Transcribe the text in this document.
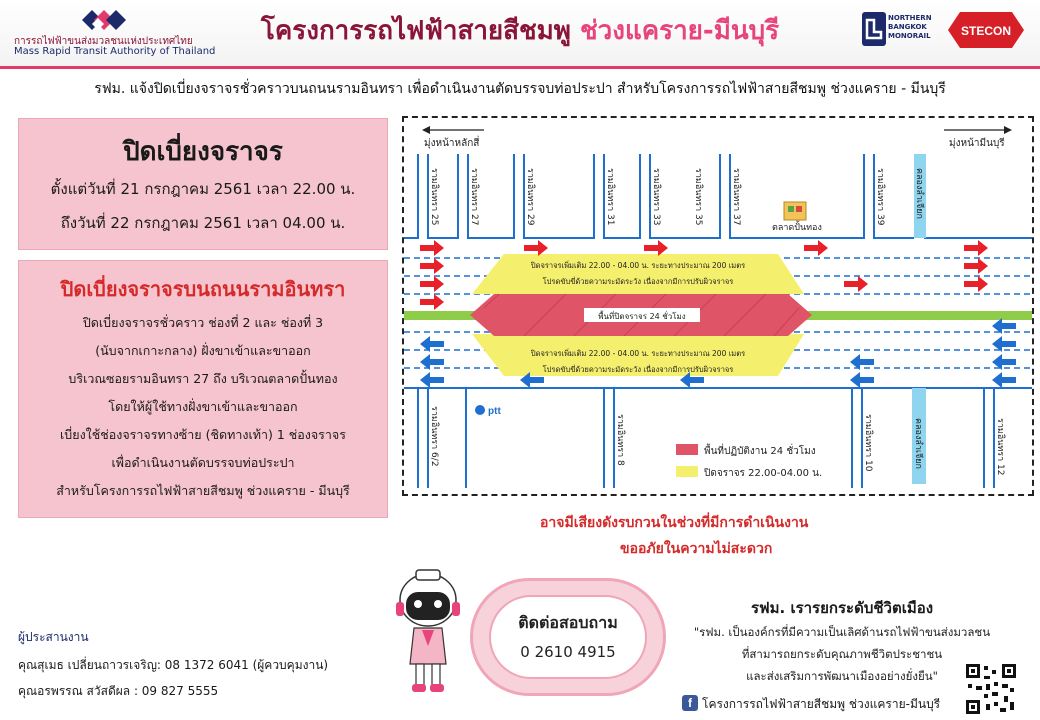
การรถไฟฟ้าขนส่งมวลชนแห่งประเทศไทย
Mass Rapid Transit Authority of Thailand
โครงการรถไฟฟ้าสายสีชมพู ช่วงแคราย-มีนบุรี	NORTHERN BANGKOK MONORAIL	STECON
รฟม. แจ้งปิดเบี่ยงจราจรชั่วคราวบนถนนรามอินทรา เพื่อดำเนินงานตัดบรรจบท่อประปา สำหรับโครงการรถไฟฟ้าสายสีชมพู ช่วงแคราย - มีนบุรี
ปิดเบี่ยงจราจร
ตั้งแต่วันที่ 21 กรกฎาคม 2561 เวลา 22.00 น.
ถึงวันที่ 22 กรกฎาคม 2561 เวลา 04.00 น.
ปิดเบี่ยงจราจรบนถนนรามอินทรา
ปิดเบี่ยงจราจรชั่วคราว ช่องที่ 2 และ ช่องที่ 3
(นับจากเกาะกลาง) ฝั่งขาเข้าและขาออก
บริเวณซอยรามอินทรา 27 ถึง บริเวณตลาดปั้นทอง
โดยให้ผู้ใช้ทางฝั่งขาเข้าและขาออก
เบี่ยงใช้ช่องจราจรทางซ้าย (ชิดทางเท้า) 1 ช่องจราจร
เพื่อดำเนินงานตัดบรรจบท่อประปา
สำหรับโครงการรถไฟฟ้าสายสีชมพู ช่วงแคราย - มีนบุรี
มุ่งหน้าหลักสี่	มุ่งหน้ามีนบุรี
รามอินทรา 25	รามอินทรา 27	รามอินทรา 29	รามอินทรา 31	รามอินทรา 33	รามอินทรา 35	รามอินทรา 37	รามอินทรา 39	คลองลำเจียก
ตลาดปั้นทอง
พื้นที่ปิดจราจร 24 ชั่วโมง
ปิดจราจรเพิ่มเติม 22.00 - 04.00 น. ระยะทางประมาณ 200 เมตร
โปรดขับขี่ด้วยความระมัดระวัง เนื่องจากมีการปรับผิวจราจร
ปิดจราจรเพิ่มเติม 22.00 - 04.00 น. ระยะทางประมาณ 200 เมตร
โปรดขับขี่ด้วยความระมัดระวัง เนื่องจากมีการปรับผิวจราจร
ptt
รามอินทรา 6/2	รามอินทรา 8	รามอินทรา 10	คลองลำเจียก	รามอินทรา 12
พื้นที่ปฏิบัติงาน 24 ชั่วโมง
ปิดจราจร 22.00-04.00 น.
อาจมีเสียงดังรบกวนในช่วงที่มีการดำเนินงาน
ขออภัยในความไม่สะดวก
ผู้ประสานงาน
คุณสุเมธ เปลี่ยนถาวรเจริญ: 08 1372 6041 (ผู้ควบคุมงาน)
คุณอรพรรณ สวัสดีผล : 09 827 5555
ติดต่อสอบถาม
0 2610 4915
รฟม. เรารยกระดับชีวิตเมือง
"รฟม. เป็นองค์กรที่มีความเป็นเลิศด้านรถไฟฟ้าขนส่งมวลชน
ที่สามารถยกระดับคุณภาพชีวิตประชาชน
และส่งเสริมการพัฒนาเมืองอย่างยั่งยืน"
f โครงการรถไฟฟ้าสายสีชมพู ช่วงแคราย-มีนบุรี
